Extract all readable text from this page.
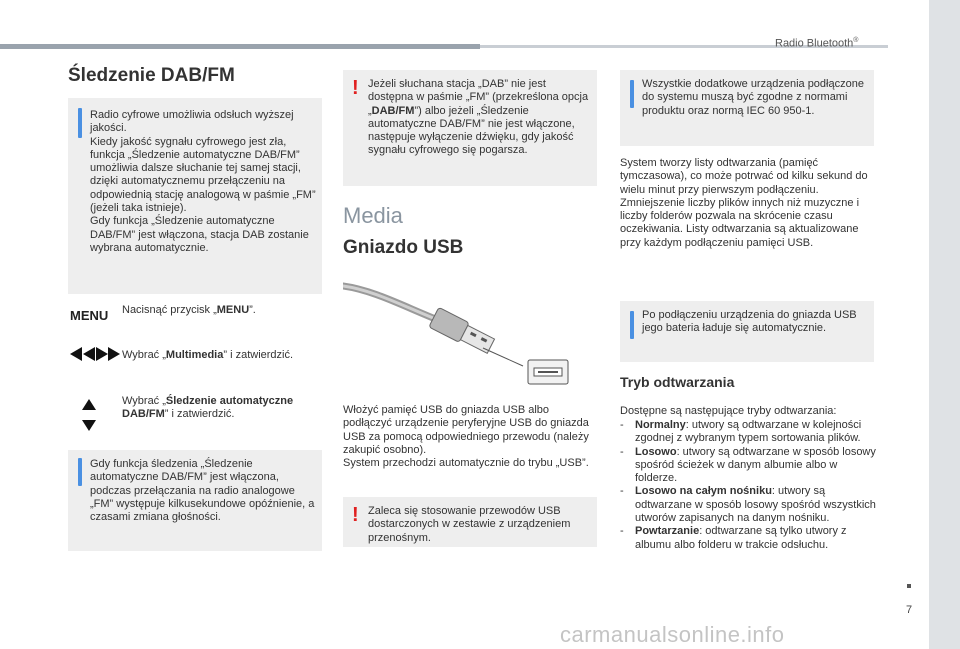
Radio Bluetooth®
7
carmanualsonline.info
Śledzenie DAB/FM

Radio cyfrowe umożliwia odsłuch wyższej jakości.
Kiedy jakość sygnału cyfrowego jest zła, funkcja „Śledzenie automatyczne DAB/FM” umożliwia dalsze słuchanie tej samej stacji, dzięki automatycznemu przełączeniu na odpowiednią stację analogową w paśmie „FM” (jeżeli taka istnieje).
Gdy funkcja „Śledzenie automatyczne DAB/FM” jest włączona, stacja DAB zostanie wybrana automatycznie.

MENU Nacisnąć przycisk „MENU”.
Wybrać „Multimedia” i zatwierdzić.
Wybrać „Śledzenie automatyczne DAB/FM” i zatwierdzić.

Gdy funkcja śledzenia „Śledzenie automatyczne DAB/FM” jest włączona, podczas przełączania na radio analogowe „FM” występuje kilkusekundowe opóźnienie, a czasami zmiana głośności.

! Jeżeli słuchana stacja „DAB” nie jest dostępna w paśmie „FM” (przekreślona opcja „DAB/FM”) albo jeżeli „Śledzenie automatyczne DAB/FM” nie jest włączone, następuje wyłączenie dźwięku, gdy jakość sygnału cyfrowego się pogarsza.

Media
Gniazdo USB

Włożyć pamięć USB do gniazda USB albo podłączyć urządzenie peryferyjne USB do gniazda USB za pomocą odpowiedniego przewodu (należy zakupić osobno).
System przechodzi automatycznie do trybu „USB”.

! Zaleca się stosowanie przewodów USB dostarczonych w zestawie z urządzeniem przenośnym.

Wszystkie dodatkowe urządzenia podłączone do systemu muszą być zgodne z normami produktu oraz normą IEC 60 950-1.

System tworzy listy odtwarzania (pamięć tymczasowa), co może potrwać od kilku sekund do wielu minut przy pierwszym podłączeniu.
Zmniejszenie liczby plików innych niż muzyczne i liczby folderów pozwala na skrócenie czasu oczekiwania. Listy odtwarzania są aktualizowane przy każdym podłączeniu pamięci USB.

Po podłączeniu urządzenia do gniazda USB jego bateria ładuje się automatycznie.

Tryb odtwarzania

Dostępne są następujące tryby odtwarzania:

- Normalny: utwory są odtwarzane w kolejności zgodnej z wybranym typem sortowania plików.
- Losowo: utwory są odtwarzane w sposób losowy spośród ścieżek w danym albumie albo w folderze.
- Losowo na całym nośniku: utwory są odtwarzane w sposób losowy spośród wszystkich utworów zapisanych na danym nośniku.
- Powtarzanie: odtwarzane są tylko utwory z albumu albo folderu w trakcie odsłuchu.
